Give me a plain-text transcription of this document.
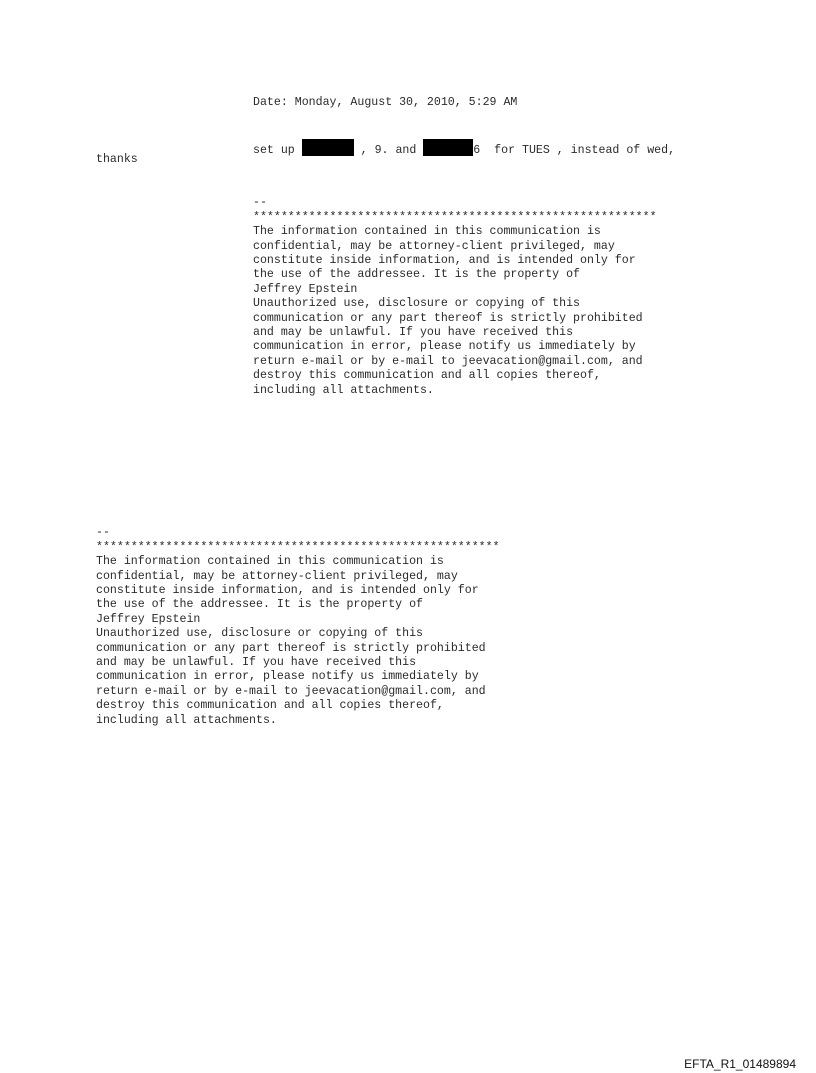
Date: Monday, August 30, 2010, 5:29 AM
set up	, 9. and	6  for TUES , instead of wed,
thanks

--
**********************************************************
The information contained in this communication is
confidential, may be attorney-client privileged, may
constitute inside information, and is intended only for
the use of the addressee. It is the property of
Jeffrey Epstein
Unauthorized use, disclosure or copying of this
communication or any part thereof is strictly prohibited
and may be unlawful. If you have received this
communication in error, please notify us immediately by
return e-mail or by e-mail to jeevacation@gmail.com, and
destroy this communication and all copies thereof,
including all attachments.

--
**********************************************************
The information contained in this communication is
confidential, may be attorney-client privileged, may
constitute inside information, and is intended only for
the use of the addressee. It is the property of
Jeffrey Epstein
Unauthorized use, disclosure or copying of this
communication or any part thereof is strictly prohibited
and may be unlawful. If you have received this
communication in error, please notify us immediately by
return e-mail or by e-mail to jeevacation@gmail.com, and
destroy this communication and all copies thereof,
including all attachments.

EFTA_R1_01489894
